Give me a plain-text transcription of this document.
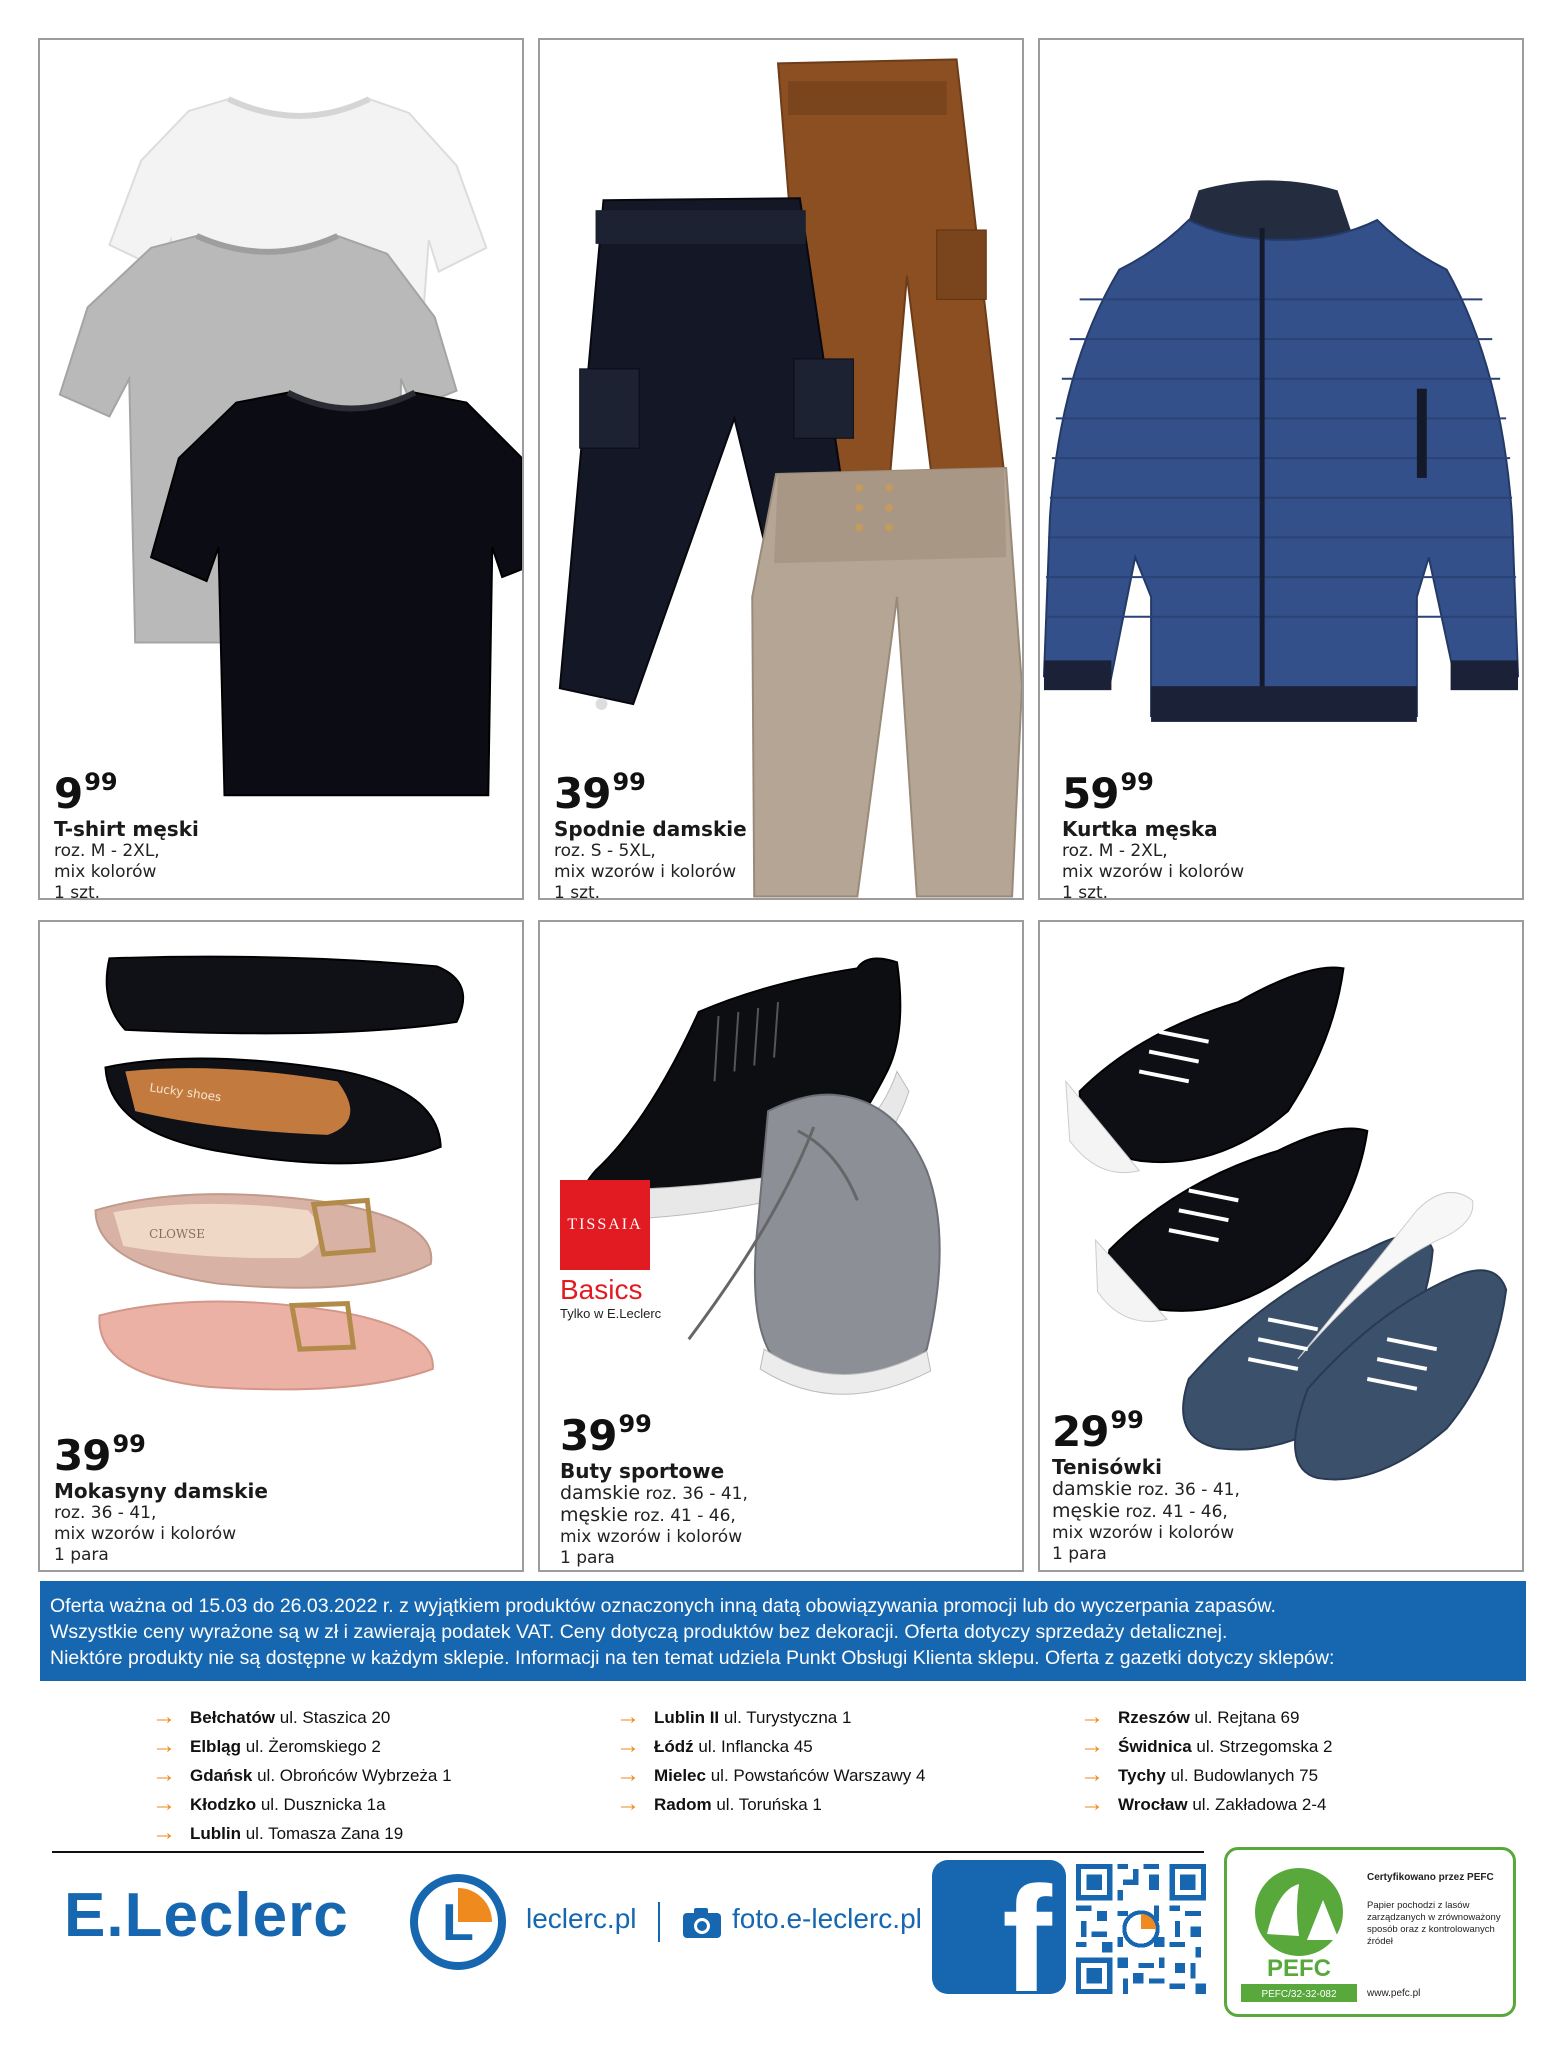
$9^{99}$
T-shirt męski
roz. M - 2XL,
mix kolorów
1 szt.
$39^{99}$
Spodnie damskie
roz. S - 5XL,
mix wzorów i kolorów
1 szt.
$59^{99}$
Kurtka męska
roz. M - 2XL,
mix wzorów i kolorów
1 szt.
Lucky shoes
CLOWSE
$39^{99}$
Mokasyny damskie
roz. 36 - 41,
mix wzorów i kolorów
1 para
TISSAIA
Basics
Tylko w E.Leclerc
$39^{99}$
Buty sportowe
damskie roz. 36 - 41,
męskie roz. 41 - 46,
mix wzorów i kolorów
1 para
$29^{99}$
Tenisówki
damskie roz. 36 - 41,
męskie roz. 41 - 46,
mix wzorów i kolorów
1 para
Oferta ważna od 15.03 do 26.03.2022 r. z wyjątkiem produktów oznaczonych inną datą obowiązywania promocji lub do wyczerpania zapasów.
Wszystkie ceny wyrażone są w zł i zawierają podatek VAT. Ceny dotyczą produktów bez dekoracji. Oferta dotyczy sprzedaży detalicznej.
Niektóre produkty nie są dostępne w każdym sklepie. Informacji na ten temat udziela Punkt Obsługi Klienta sklepu. Oferta z gazetki dotyczy sklepów:
→ Bełchatów ul. Staszica 20
→ Elbląg ul. Żeromskiego 2
→ Gdańsk ul. Obrońców Wybrzeża 1
→ Kłodzko ul. Dusznicka 1a
→ Lublin ul. Tomasza Zana 19
→ Lublin II ul. Turystyczna 1
→ Łódź ul. Inflancka 45
→ Mielec ul. Powstańców Warszawy 4
→ Radom ul. Toruńska 1
→ Rzeszów ul. Rejtana 69
→ Świdnica ul. Strzegomska 2
→ Tychy ul. Budowlanych 75
→ Wrocław ul. Zakładowa 2-4
E.Leclerc L leclerc.pl	foto.e-leclerc.pl f	PEFC
PEFC/32-32-082
Certyfikowano przez PEFC
Papier pochodzi z lasów zarządzanych w zrównoważony sposób oraz z kontrolowanych źródeł
www.pefc.pl
